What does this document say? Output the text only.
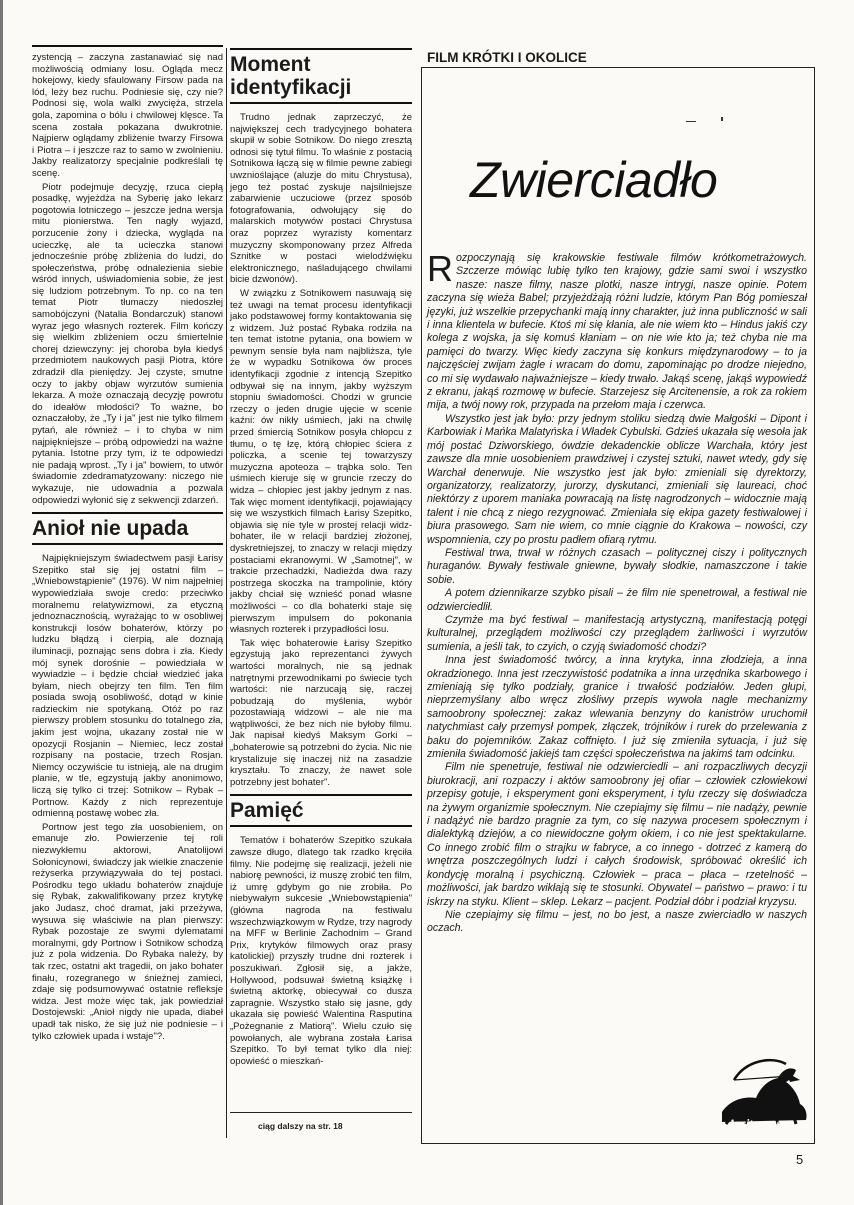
zystencją – zaczyna zastanawiać się nad możliwością odmiany losu. Ogląda mecz hokejowy, kiedy sfaulowany Firsow pada na lód, leży bez ruchu. Podniesie się, czy nie? Podnosi się, wola walki zwycięża, strzela gola, zapomina o bólu i chwilowej klęsce. Ta scena została pokazana dwukrotnie. Najpierw oglądamy zbliżenie twarzy Firsowa i Piotra – i jeszcze raz to samo w zwolnieniu. Jakby realizatorzy specjalnie podkreślali tę scenę.

Piotr podejmuje decyzję, rzuca ciepłą posadkę, wyjeżdża na Syberię jako lekarz pogotowia lotniczego – jeszcze jedna wersja mitu pionierstwa. Ten nagły wyjazd, porzucenie żony i dziecka, wygląda na ucieczkę, ale ta ucieczka stanowi jednocześnie próbę zbliżenia do ludzi, do społeczeństwa, próbę odnalezienia siebie wśród innych, uświadomienia sobie, że jest się ludziom potrzebnym. To np. co na ten temat Piotr tłumaczy niedoszłej samobójczyni (Natalia Bondarczuk) stanowi wyraz jego własnych rozterek. Film kończy się wielkim zbliżeniem oczu śmiertelnie chorej dziewczyny: jej choroba była kiedyś przedmiotem naukowych pasji Piotra, które zdradził dla pieniędzy. Jej czyste, smutne oczy to jakby objaw wyrzutów sumienia lekarza. A może oznaczają decyzję powrotu do ideałów młodości? To ważne, bo oznaczałoby, że „Ty i ja" jest nie tylko filmem pytań, ale również – i to chyba w nim najpiękniejsze – próbą odpowiedzi na ważne pytania. Istotne przy tym, iż te odpowiedzi nie padają wprost. „Ty i ja" bowiem, to utwór świadomie zdedramatyzowany: niczego nie wykazuje, nie udowadnia a pozwala odpowiedzi wyłonić się z sekwencji zdarzeń.

Anioł nie upada

Najpiękniejszym świadectwem pasji Łarisy Szepitko stał się jej ostatni film – „Wniebowstąpienie" (1976). W nim najpełniej wypowiedziała swoje credo: przeciwko moralnemu relatywizmowi, za etyczną jednoznacznością, wyrażając to w osobliwej konstrukcji losów bohaterów, którzy po ludzku błądzą i cierpią, ale doznają iluminacji, poznając sens dobra i zła. Kiedy mój synek dorośnie – powiedziała w wywiadzie – i będzie chciał wiedzieć jaka byłam, niech obejrzy ten film. Ten film posiada swoją osobliwość, dotąd w kinie radzieckim nie spotykaną. Otóż po raz pierwszy problem stosunku do totalnego zła, jakim jest wojna, ukazany został nie w opozycji Rosjanin – Niemiec, lecz został rozpisany na postacie, trzech Rosjan. Niemcy oczywiście tu istnieją, ale na drugim planie, w tle, egzystują jakby anonimowo, liczą się tylko ci trzej: Sotnikow – Rybak – Portnow. Każdy z nich reprezentuje odmienną postawę wobec zła.

Portnow jest tego zła uosobieniem, on emanuje zło. Powierzenie tej roli niezwykłemu aktorowi, Anatolijowi Sołonicynowi, świadczy jak wielkie znaczenie reżyserka przywiązywała do tej postaci. Pośrodku tego układu bohaterów znajduje się Rybak, zakwalifikowany przez krytykę jako Judasz, choć dramat, jaki przeżywa, wysuwa się właściwie na plan pierwszy: Rybak pozostaje ze swymi dylematami moralnymi, gdy Portnow i Sotnikow schodzą już z pola widzenia. Do Rybaka należy, by tak rzec, ostatni akt tragedii, on jako bohater finału, rozegranego w śnieżnej zamieci, zdaje się podsumowywać ostatnie refleksje widza. Jest może więc tak, jak powiedział Dostojewski: „Anioł nigdy nie upada, diabeł upadł tak nisko, że się już nie podniesie – i tylko człowiek upada i wstaje"?.

Moment identyfikacji

Trudno jednak zaprzeczyć, że największej cech tradycyjnego bohatera skupił w sobie Sotnikow. Do niego zresztą odnosi się tytuł filmu. To właśnie z postacią Sotnikowa łączą się w filmie pewne zabiegi uwznioślające (aluzje do mitu Chrystusa), jego też postać zyskuje najsilniejsze zabarwienie uczuciowe (przez sposób fotografowania, odwołujący się do malarskich motywów postaci Chrystusa oraz poprzez wyrazisty komentarz muzyczny skomponowany przez Alfreda Sznitke w postaci wielodźwięku elektronicznego, naśladującego chwilami bicie dzwonów).

W związku z Sotnikowem nasuwają się też uwagi na temat procesu identyfikacji jako podstawowej formy kontaktowania się z widzem. Już postać Rybaka rodziła na ten temat istotne pytania, ona bowiem w pewnym sensie była nam najbliższa, tyle że w wypadku Sotnikowa ów proces identyfikacji zgodnie z intencją Szepitko odbywał się na innym, jakby wyższym stopniu świadomości. Chodzi w gruncie rzeczy o jeden drugie ujęcie w scenie kaźni: ów nikły uśmiech, jaki na chwilę przed śmiercią Sotnikow posyła chłopcu z tłumu, o tę łzę, którą chłopiec ściera z policzka, a scenie tej towarzyszy muzyczna apoteoza – trąbka solo. Ten uśmiech kieruje się w gruncie rzeczy do widza – chłopiec jest jakby jednym z nas. Tak więc moment identyfikacji, pojawiający się we wszystkich filmach Łarisy Szepitko, objawia się nie tyle w prostej relacji widz-bohater, ile w relacji bardziej złożonej, dyskretniejszej, to znaczy w relacji między postaciami ekranowymi. W „Samotnej", w trakcie przechadzki, Nadieżda dwa razy postrzega skoczka na trampolinie, który jakby chciał się wznieść ponad własne możliwości – co dla bohaterki staje się pierwszym impulsem do pokonania własnych rozterek i przypadłości losu.

Tak więc bohaterowie Łarisy Szepitko egzystują jako reprezentanci żywych wartości moralnych, nie są jednak natrętnymi przewodnikami po świecie tych wartości: nie narzucają się, raczej pobudzają do myślenia, wybór pozostawiają widzowi – ale nie ma wątpliwości, że bez nich nie byłoby filmu. Jak napisał kiedyś Maksym Gorki – „bohaterowie są potrzebni do życia. Nic nie krystalizuje się inaczej niż na zasadzie kryształu. To znaczy, że nawet sole potrzebny jest bohater".

Pamięć

Tematów i bohaterów Szepitko szukała zawsze długo, dlatego tak rzadko kręciła filmy. Nie podejmę się realizacji, jeżeli nie nabiorę pewności, iż muszę zrobić ten film, iż umrę gdybym go nie zrobiła. Po niebywałym sukcesie „Wniebowstąpienia" (główna nagroda na festiwalu wszechzwiązkowym w Rydze, trzy nagrody na MFF w Berlinie Zachodnim – Grand Prix, krytyków filmowych oraz prasy katolickiej) przyszły trudne dni rozterek i poszukiwań. Zgłosił się, a jakże, Hollywood, podsuwał świetną książkę i świetną aktorkę, obiecywał co dusza zapragnie. Wszystko stało się jasne, gdy ukazała się powieść Walentina Rasputina „Pożegnanie z Matiorą". Wielu czuło się powołanych, ale wybrana została Łarisa Szepitko. To był temat tylko dla niej: opowieść o mieszkań-

ciąg dalszy na str. 18
FILM KRÓTKI I OKOLICE
Zwierciadło

Rozpoczynają się krakowskie festiwale filmów krótkometrażowych. Szczerze mówiąc lubię tylko ten krajowy, gdzie sami swoi i wszystko nasze: nasze filmy, nasze plotki, nasze intrygi, nasze opinie. Potem zaczyna się wieża Babel; przyjeżdżają różni ludzie, którym Pan Bóg pomieszał języki, już wszelkie przepychanki mają inny charakter, już inna publiczność w sali i inna klientela w bufecie. Ktoś mi się kłania, ale nie wiem kto – Hindus jakiś czy kolega z wojska, ja się komuś kłaniam – on nie wie kto ja; też chyba nie ma pamięci do twarzy. Więc kiedy zaczyna się konkurs międzynarodowy – to ja najczęściej zwijam żagle i wracam do domu, zapominając po drodze niejedno, co mi się wydawało najważniejsze – kiedy trwało. Jakąś scenę, jakąś wypowiedź z ekranu, jakąś rozmowę w bufecie. Starzejesz się Arcitenensie, a rok za rokiem mija, a twój nowy rok, przypada na przełom maja i czerwca.

Wszystko jest jak było: przy jednym stoliku siedzą dwie Małgośki – Dipont i Karbowiak i Mańka Malatyńska i Władek Cybulski. Gdzieś ukazała się wesoła jak mój postać Dziworskiego, ówdzie dekadenckie oblicze Warchała, który jest zawsze dla mnie uosobieniem prawdziwej i czystej sztuki, nawet wtedy, gdy się Warchał denerwuje. Nie wszystko jest jak było: zmieniali się dyrektorzy, organizatorzy, realizatorzy, jurorzy, dyskutanci, zmieniali się laureaci, choć niektórzy z uporem maniaka powracają na listę nagrodzonych – widocznie mają talent i nie chcą z niego rezygnować. Zmieniała się ekipa gazety festiwalowej i biura prasowego. Sam nie wiem, co mnie ciągnie do Krakowa – nowości, czy wspomnienia, czy po prostu padłem ofiarą rytmu.

Festiwal trwa, trwał w różnych czasach – politycznej ciszy i politycznych huraganów. Bywały festiwale gniewne, bywały słodkie, namaszczone i takie sobie.

A potem dziennikarze szybko pisali – że film nie spenetrował, a festiwal nie odzwierciedlił.

Czymże ma być festiwal – manifestacją artystyczną, manifestacją potęgi kulturalnej, przeglądem możliwości czy przeglądem żarliwości i wyrzutów sumienia, a jeśli tak, to czyich, o czyją świadomość chodzi?

Inna jest świadomość twórcy, a inna krytyka, inna złodzieja, a inna okradzionego. Inna jest rzeczywistość podatnika a inna urzędnika skarbowego i zmieniają się tylko podziały, granice i trwałość podziałów. Jeden głupi, nieprzemyślany albo wręcz złośliwy przepis wywoła nagle mechanizmy samoobrony społecznej: zakaz wlewania benzyny do kanistrów uruchomił natychmiast cały przemysł pompek, złączek, trójników i rurek do przelewania z baku do pojemników. Zakaz coffnięto. I już się zmieniła sytuacja, i już się zmieniła świadomość jakiejś tam części społeczeństwa na jakimś tam odcinku.

Film nie spenetruje, festiwal nie odzwierciedli – ani rozpaczliwych decyzji biurokracji, ani rozpaczy i aktów samoobrony jej ofiar – człowiek człowiekowi przepisy gotuje, i eksperyment goni eksperyment, i tylu rzeczy się doświadcza na żywym organizmie społecznym. Nie czepiajmy się filmu – nie nadąży, pewnie i nadążyć nie bardzo pragnie za tym, co się nazywa procesem społecznym i dialektyką dziejów, a co niewidoczne gołym okiem, i co nie jest spektakularne. Co innego zrobić film o strajku w fabryce, a co innego - dotrzeć z kamerą do wnętrza poszczególnych ludzi i całych środowisk, spróbować określić ich kondycję moralną i psychiczną. Człowiek – praca – płaca – rzetelność – możliwości, jak bardzo wikłają się te stosunki. Obywatel – państwo – prawo: i tu iskrzy na styku. Klient – sklep. Lekarz – pacjent. Podział dóbr i podział kryzysu.

Nie czepiajmy się filmu – jest, no bo jest, a nasze zwierciadło w naszych oczach.

Arcitenens
5
